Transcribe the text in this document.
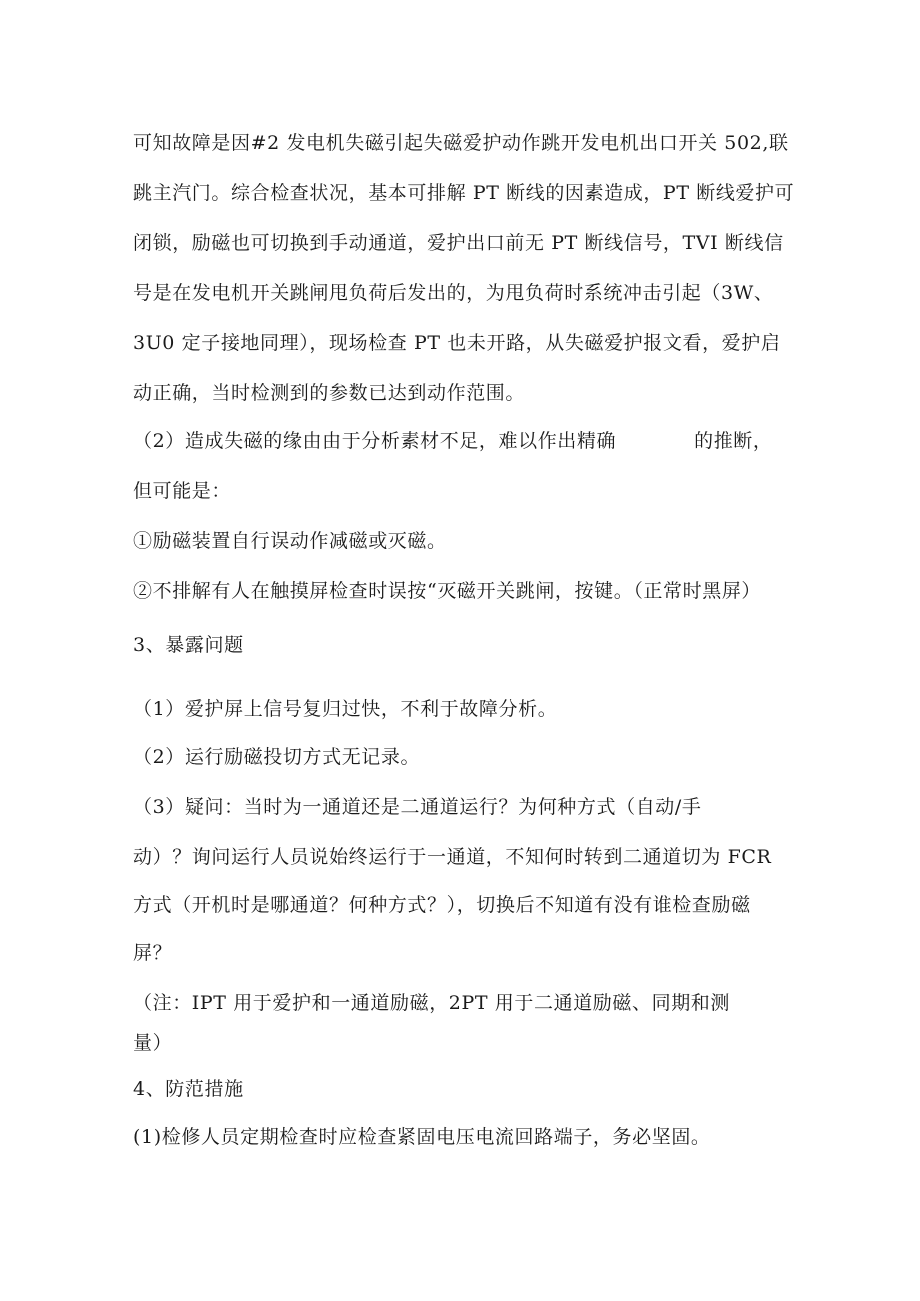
可知故障是因#2 发电机失磁引起失磁爱护动作跳开发电机出口开关 502,联
跳主汽门。综合检查状况，基本可排解 PT 断线的因素造成，PT 断线爱护可
闭锁，励磁也可切换到手动通道，爱护出口前无 PT 断线信号，TVI 断线信
号是在发电机开关跳闸甩负荷后发出的，为甩负荷时系统冲击引起（3W、
3U0 定子接地同理），现场检查 PT 也未开路，从失磁爱护报文看，爱护启
动正确，当时检测到的参数已达到动作范围。
（2）造成失磁的缘由由于分析素材不足，难以作出精确	的推断，
但可能是：
①励磁装置自行误动作减磁或灭磁。
②不排解有人在触摸屏检查时误按“灭磁开关跳闸，按键。（正常时黑屏）
3、暴露问题
（1）爱护屏上信号复归过快，不利于故障分析。
（2）运行励磁投切方式无记录。
（3）疑问：当时为一通道还是二通道运行？为何种方式（自动/手
动）？询问运行人员说始终运行于一通道，不知何时转到二通道切为 FCR
方式（开机时是哪通道？何种方式？），切换后不知道有没有谁检查励磁
屏？
（注：IPT 用于爱护和一通道励磁，2PT 用于二通道励磁、同期和测
量）
4、防范措施
(1)检修人员定期检查时应检查紧固电压电流回路端子，务必坚固。
